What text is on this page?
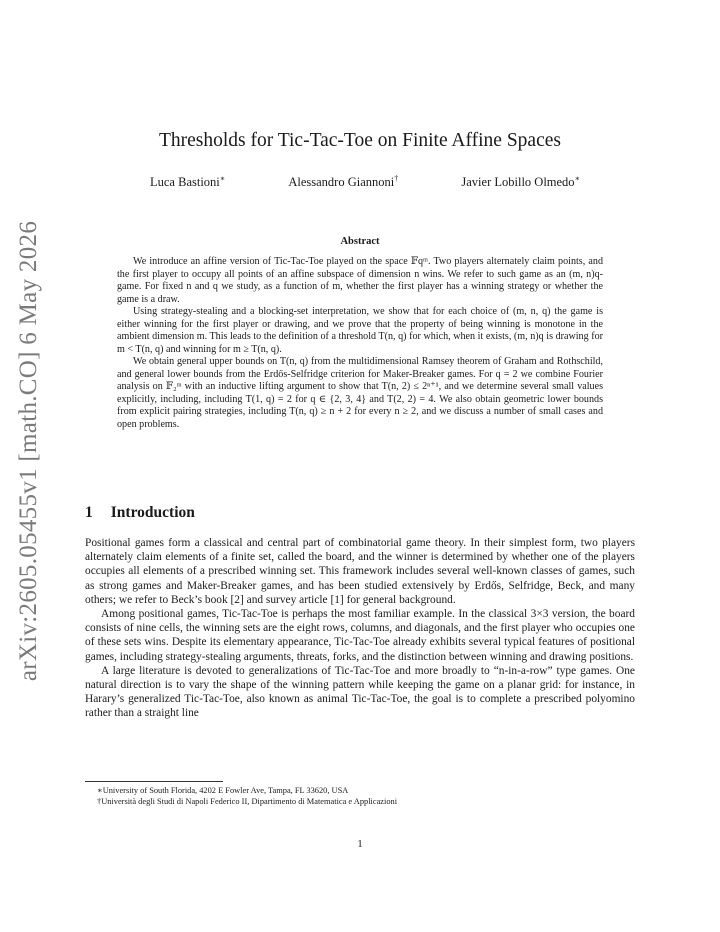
arXiv:2605.05455v1 [math.CO] 6 May 2026
Thresholds for Tic-Tac-Toe on Finite Affine Spaces
Luca Bastioni∗	Alessandro Giannoni†	Javier Lobillo Olmedo∗
Abstract

We introduce an affine version of Tic-Tac-Toe played on the space 𝔽qᵐ. Two players alternately claim points, and the first player to occupy all points of an affine subspace of dimension n wins. We refer to such game as an (m, n)q-game. For fixed n and q we study, as a function of m, whether the first player has a winning strategy or whether the game is a draw.

Using strategy-stealing and a blocking-set interpretation, we show that for each choice of (m, n, q) the game is either winning for the first player or drawing, and we prove that the property of being winning is monotone in the ambient dimension m. This leads to the definition of a threshold T(n, q) for which, when it exists, (m, n)q is drawing for m < T(n, q) and winning for m ≥ T(n, q).

We obtain general upper bounds on T(n, q) from the multidimensional Ramsey theorem of Graham and Rothschild, and general lower bounds from the Erdős-Selfridge criterion for Maker-Breaker games. For q = 2 we combine Fourier analysis on 𝔽₂ᵐ with an inductive lifting argument to show that T(n, 2) ≤ 2ⁿ⁺¹, and we determine several small values explicitly, including, including T(1, q) = 2 for q ∈ {2, 3, 4} and T(2, 2) = 4. We also obtain geometric lower bounds from explicit pairing strategies, including T(n, q) ≥ n + 2 for every n ≥ 2, and we discuss a number of small cases and open problems.

1 Introduction

Positional games form a classical and central part of combinatorial game theory. In their simplest form, two players alternately claim elements of a finite set, called the board, and the winner is determined by whether one of the players occupies all elements of a prescribed winning set. This framework includes several well-known classes of games, such as strong games and Maker-Breaker games, and has been studied extensively by Erdős, Selfridge, Beck, and many others; we refer to Beck’s book [2] and survey article [1] for general background.

Among positional games, Tic-Tac-Toe is perhaps the most familiar example. In the classical 3×3 version, the board consists of nine cells, the winning sets are the eight rows, columns, and diagonals, and the first player who occupies one of these sets wins. Despite its elementary appearance, Tic-Tac-Toe already exhibits several typical features of positional games, including strategy-stealing arguments, threats, forks, and the distinction between winning and drawing positions.

A large literature is devoted to generalizations of Tic-Tac-Toe and more broadly to “n-in-a-row” type games. One natural direction is to vary the shape of the winning pattern while keeping the game on a planar grid: for instance, in Harary’s generalized Tic-Tac-Toe, also known as animal Tic-Tac-Toe, the goal is to complete a prescribed polyomino rather than a straight line

∗University of South Florida, 4202 E Fowler Ave, Tampa, FL 33620, USA
†Università degli Studi di Napoli Federico II, Dipartimento di Matematica e Applicazioni
1
